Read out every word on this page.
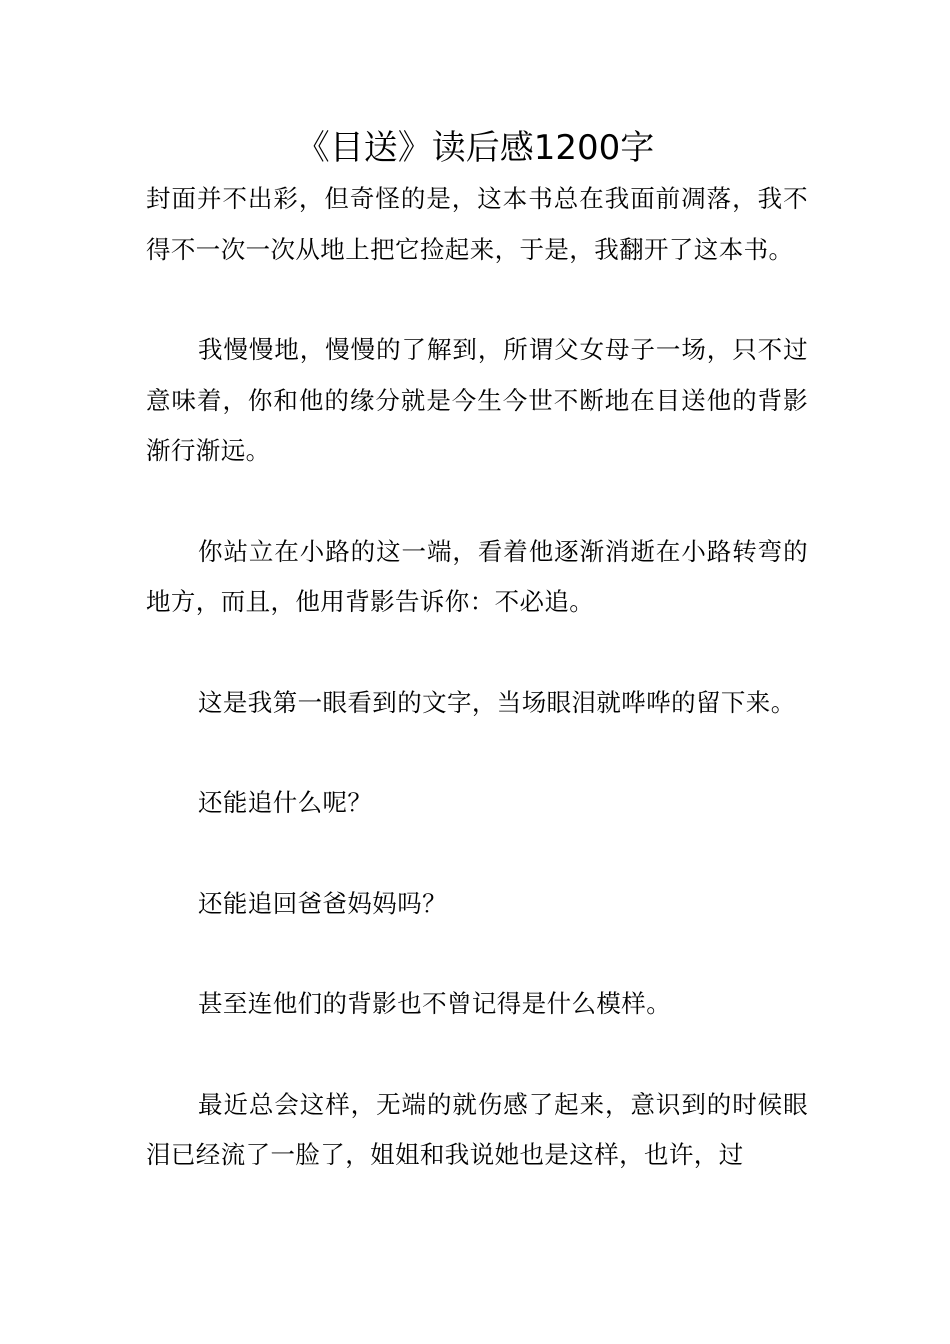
《目送》读后感1200字

封面并不出彩，但奇怪的是，这本书总在我面前凋落，我不得不一次一次从地上把它捡起来，于是，我翻开了这本书。

我慢慢地，慢慢的了解到，所谓父女母子一场，只不过意味着，你和他的缘分就是今生今世不断地在目送他的背影渐行渐远。

你站立在小路的这一端，看着他逐渐消逝在小路转弯的地方，而且，他用背影告诉你：不必追。

这是我第一眼看到的文字，当场眼泪就哗哗的留下来。

还能追什么呢？

还能追回爸爸妈妈吗？

甚至连他们的背影也不曾记得是什么模样。

最近总会这样，无端的就伤感了起来，意识到的时候眼泪已经流了一脸了，姐姐和我说她也是这样，也许，过
